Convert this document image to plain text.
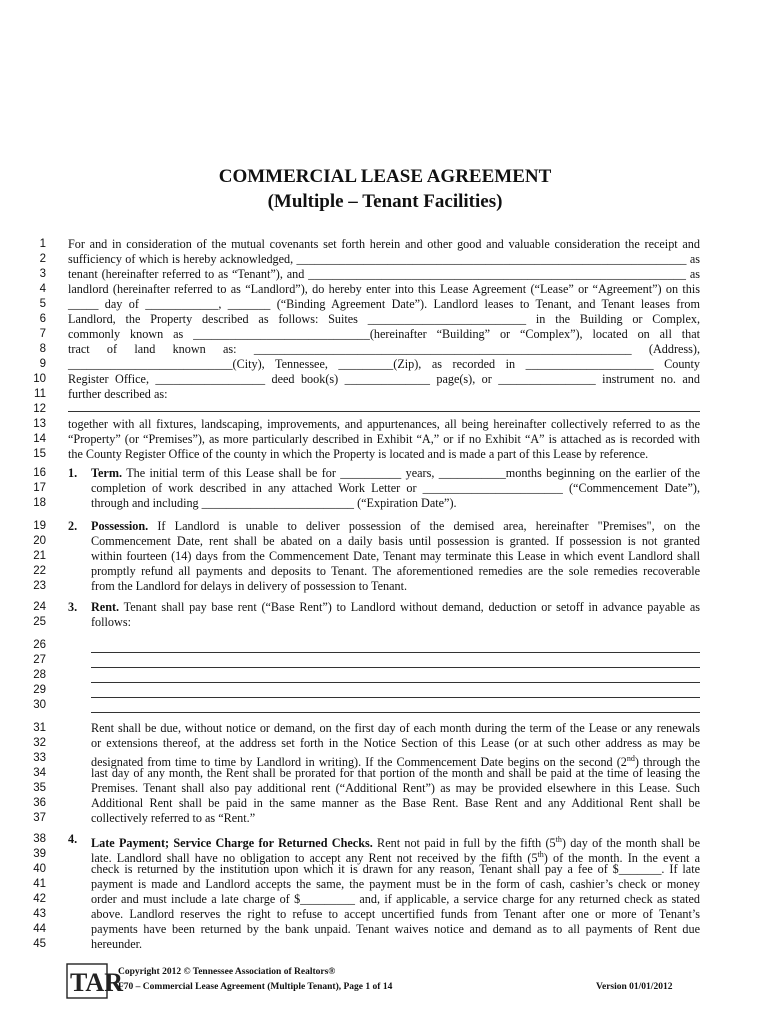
COMMERCIAL LEASE AGREEMENT
(Multiple – Tenant Facilities)
1 For and in consideration of the mutual covenants set forth herein and other good and valuable consideration the receipt and
2 sufficiency of which is hereby acknowledged, ________________________________________________________________ as
3 tenant (hereinafter referred to as “Tenant”), and ______________________________________________________________ as
4 landlord (hereinafter referred to as “Landlord”), do hereby enter into this Lease Agreement (“Lease” or “Agreement”) on this
5 _____ day of ____________, _______ (“Binding Agreement Date”). Landlord leases to Tenant, and Tenant leases from
6 Landlord, the Property described as follows: Suites __________________________ in the Building or Complex,
7 commonly known as _____________________________(hereinafter “Building” or “Complex”), located on all that
8 tract of land known as: ______________________________________________________________ (Address),
9 ___________________________(City), Tennessee, _________(Zip), as recorded in _____________________ County
10 Register Office, __________________ deed book(s) ______________ page(s), or ________________ instrument no. and
11 further described as:
12
13 together with all fixtures, landscaping, improvements, and appurtenances, all being hereinafter collectively referred to as the
14 “Property” (or “Premises”), as more particularly described in Exhibit “A,” or if no Exhibit “A” is attached as is recorded with
15 the County Register Office of the county in which the Property is located and is made a part of this Lease by reference.
16	Term. The initial term of this Lease shall be for __________ years, ___________months beginning on the earlier of the
17	completion of work described in any attached Work Letter or _______________________ (“Commencement Date”),
18	through and including _________________________ (“Expiration Date”).
19	Possession. If Landlord is unable to deliver possession of the demised area, hereinafter "Premises", on the
20	Commencement Date, rent shall be abated on a daily basis until possession is granted. If possession is not granted
21	within fourteen (14) days from the Commencement Date, Tenant may terminate this Lease in which event Landlord shall
22	promptly refund all payments and deposits to Tenant. The aforementioned remedies are the sole remedies recoverable
23	from the Landlord for delays in delivery of possession to Tenant.
24	Rent. Tenant shall pay base rent (“Base Rent”) to Landlord without demand, deduction or setoff in advance payable as
25	follows:
26
27
28
29
30
31	Rent shall be due, without notice or demand, on the first day of each month during the term of the Lease or any renewals
32	or extensions thereof, at the address set forth in the Notice Section of this Lease (or at such other address as may be
33	designated from time to time by Landlord in writing). If the Commencement Date begins on the second (2nd) through the
34	last day of any month, the Rent shall be prorated for that portion of the month and shall be paid at the time of leasing the
35	Premises. Tenant shall also pay additional rent (“Additional Rent”) as may be provided elsewhere in this Lease. Such
36	Additional Rent shall be paid in the same manner as the Base Rent. Base Rent and any Additional Rent shall be
37	collectively referred to as “Rent.”
38	Late Payment; Service Charge for Returned Checks. Rent not paid in full by the fifth (5th) day of the month shall be
39	late. Landlord shall have no obligation to accept any Rent not received by the fifth (5th) of the month. In the event a
40	check is returned by the institution upon which it is drawn for any reason, Tenant shall pay a fee of $_______. If late
41	payment is made and Landlord accepts the same, the payment must be in the form of cash, cashier’s check or money
42	order and must include a late charge of $_________ and, if applicable, a service charge for any returned check as stated
43	above. Landlord reserves the right to refuse to accept uncertified funds from Tenant after one or more of Tenant’s
44	payments have been returned by the bank unpaid. Tenant waives notice and demand as to all payments of Rent due
45	hereunder.
1.
2.
3.
4.
TAR
Copyright 2012 © Tennessee Association of Realtors®
F70 – Commercial Lease Agreement (Multiple Tenant), Page 1 of 14	Version 01/01/2012
